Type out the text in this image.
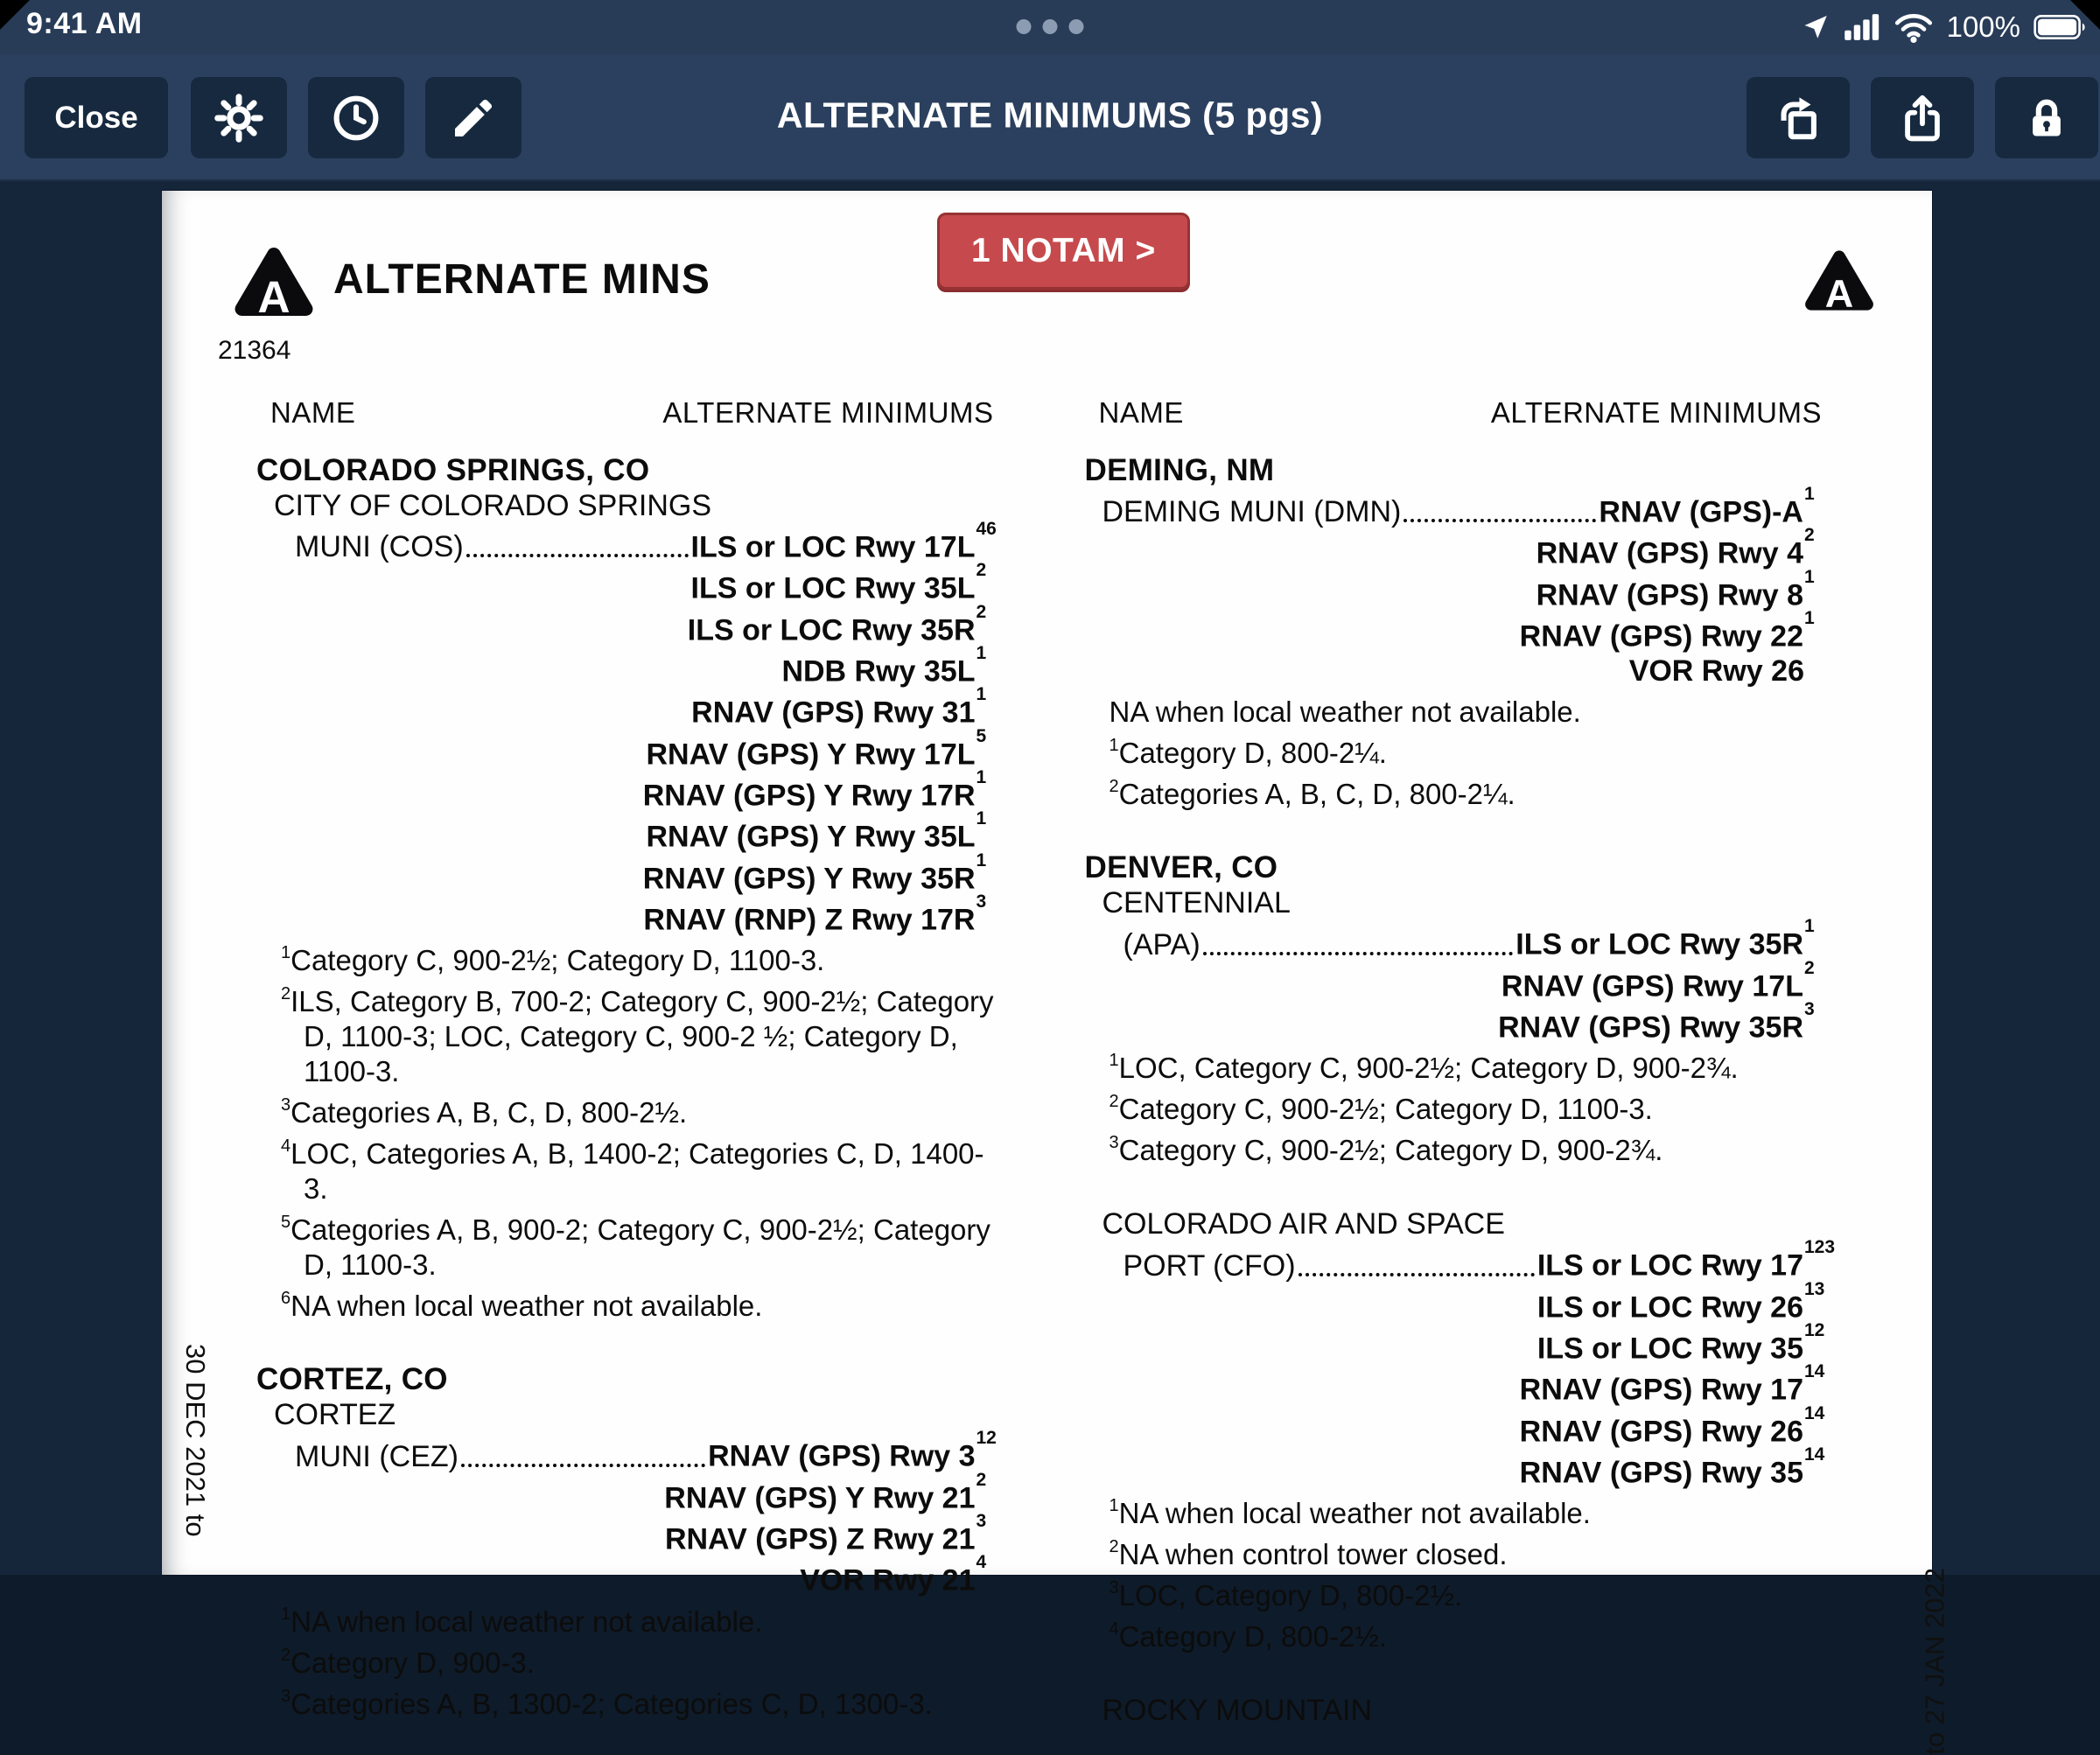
9:41 AM	100%
Close	ALTERNATE MINIMUMS (5 pgs)
A ALTERNATE MINS
21364
1 NOTAM >
A
NAME	ALTERNATE MINIMUMS
COLORADO SPRINGS, CO
CITY OF COLORADO SPRINGS
MUNI (COS)	ILS or LOC Rwy $17L^{46}$
ILS or LOC Rwy $35L^2$
ILS or LOC Rwy $35R^2$
NDB Rwy $35L^1$
RNAV (GPS) Rwy $31^1$
RNAV (GPS) Y Rwy $17L^5$
RNAV (GPS) Y Rwy $17R^1$
RNAV (GPS) Y Rwy $35L^1$
RNAV (GPS) Y Rwy $35R^1$
RNAV (RNP) Z Rwy $17R^3$
$^1$Category C, 900-2½; Category D, 1100-3.
$^2$ILS, Category B, 700-2; Category C, 900-2½; Category D, 1100-3; LOC, Category C, 900-2 ½; Category D, 1100-3.
$^3$Categories A, B, C, D, 800-2½.
$^4$LOC, Categories A, B, 1400-2; Categories C, D, 1400-3.
$^5$Categories A, B, 900-2; Category C, 900-2½; Category D, 1100-3.
$^6$NA when local weather not available.
CORTEZ, CO
CORTEZ
MUNI (CEZ)	RNAV (GPS) Rwy $3^{12}$
RNAV (GPS) Y Rwy $21^2$
RNAV (GPS) Z Rwy $21^3$
VOR Rwy $21^4$
$^1$NA when local weather not available.
$^2$Category D, 900-3.
$^3$Categories A, B, 1300-2; Categories C, D, 1300-3.
NAME	ALTERNATE MINIMUMS
DEMING, NM
DEMING MUNI (DMN)	RNAV $(GPS)-A^1$
RNAV (GPS) Rwy $4^2$
RNAV (GPS) Rwy $8^1$
RNAV (GPS) Rwy $22^1$
VOR Rwy 26
NA when local weather not available.
$^1$Category D, 800-2¼.
$^2$Categories A, B, C, D, 800-2¼.
DENVER, CO
CENTENNIAL
(APA)	ILS or LOC Rwy $35R^1$
RNAV (GPS) Rwy $17L^2$
RNAV (GPS) Rwy $35R^3$
$^1$LOC, Category C, 900-2½; Category D, 900-2¾.
$^2$Category C, 900-2½; Category D, 1100-3.
$^3$Category C, 900-2½; Category D, 900-2¾.
COLORADO AIR AND SPACE
PORT (CFO)	ILS or LOC Rwy $17^{123}$
ILS or LOC Rwy $26^{13}$
ILS or LOC Rwy $35^{12}$
RNAV (GPS) Rwy $17^{14}$
RNAV (GPS) Rwy $26^{14}$
RNAV (GPS) Rwy $35^{14}$
$^1$NA when local weather not available.
$^2$NA when control tower closed.
$^3$LOC, Category D, 800-2½.
$^4$Category D, 800-2½.
ROCKY MOUNTAIN
30 DEC 2021 to
to 27 JAN 2022
